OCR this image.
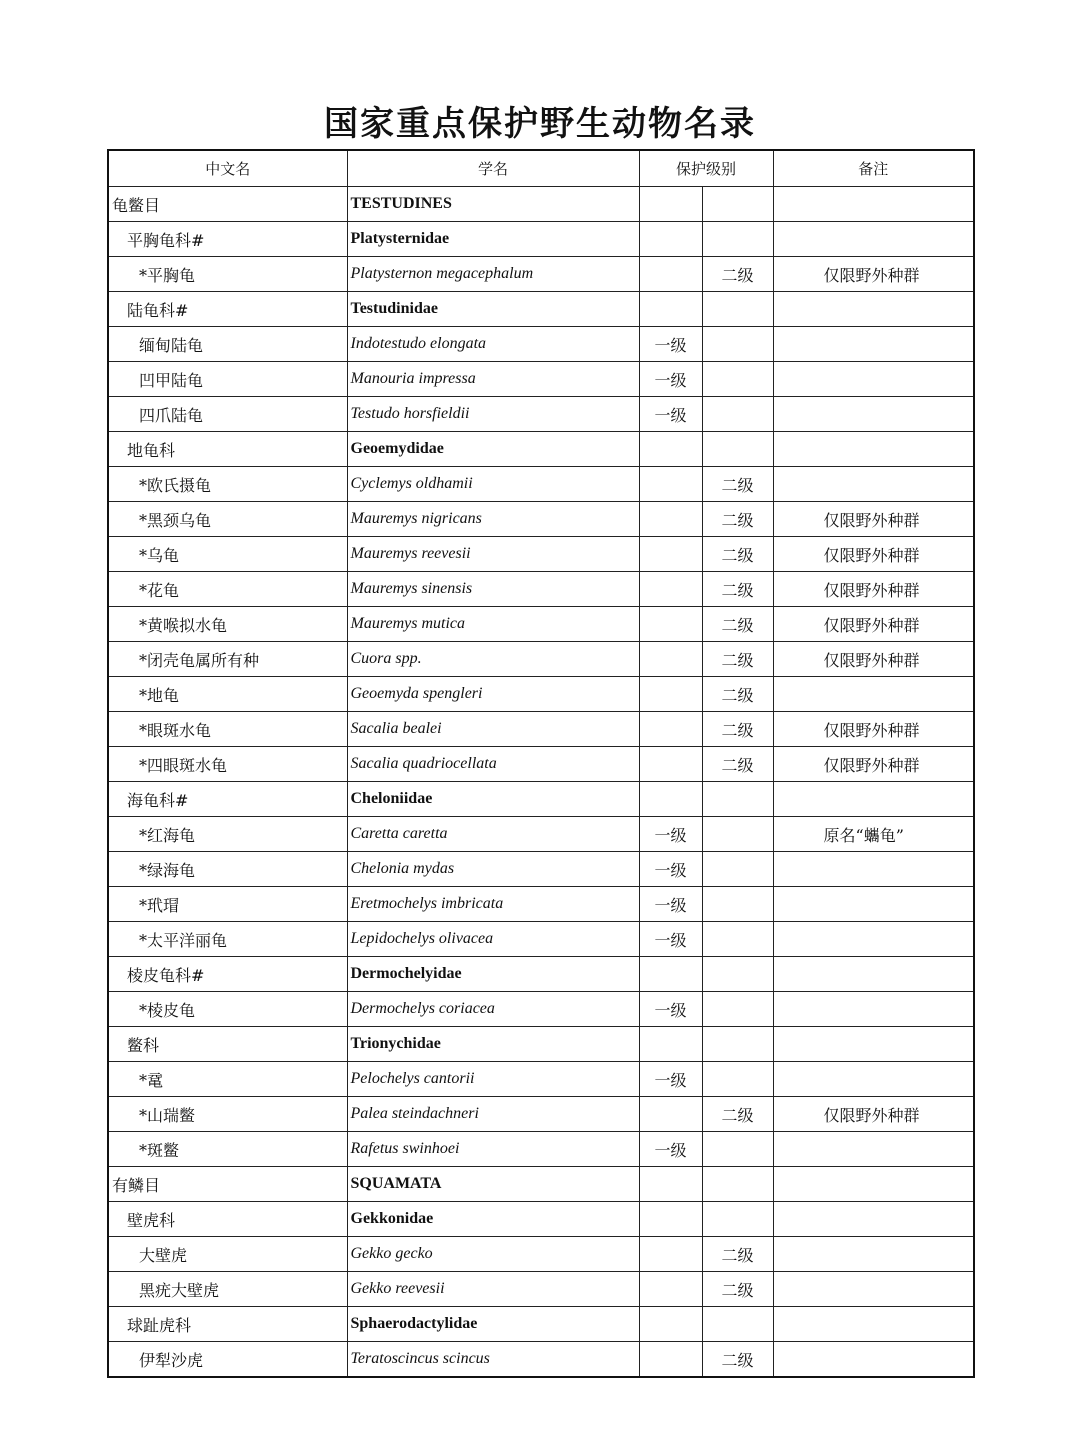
国家重点保护野生动物名录
中文名	学名	保护级别		备注
龟鳖目	TESTUDINES			
平胸龟科#	Platysternidae			
*平胸龟	Platysternon megacephalum		二级	仅限野外种群
陆龟科#	Testudinidae			
缅甸陆龟	Indotestudo elongata	一级		
凹甲陆龟	Manouria impressa	一级		
四爪陆龟	Testudo horsfieldii	一级		
地龟科	Geoemydidae			
*欧氏摄龟	Cyclemys oldhamii		二级	
*黑颈乌龟	Mauremys nigricans		二级	仅限野外种群
*乌龟	Mauremys reevesii		二级	仅限野外种群
*花龟	Mauremys sinensis		二级	仅限野外种群
*黄喉拟水龟	Mauremys mutica		二级	仅限野外种群
*闭壳龟属所有种	Cuora spp.		二级	仅限野外种群
*地龟	Geoemyda spengleri		二级	
*眼斑水龟	Sacalia bealei		二级	仅限野外种群
*四眼斑水龟	Sacalia quadriocellata		二级	仅限野外种群
海龟科#	Cheloniidae			
*红海龟	Caretta caretta	一级		原名“蠵龟”
*绿海龟	Chelonia mydas	一级		
*玳瑁	Eretmochelys imbricata	一级		
*太平洋丽龟	Lepidochelys olivacea	一级		
棱皮龟科#	Dermochelyidae			
*棱皮龟	Dermochelys coriacea	一级		
鳖科	Trionychidae			
*鼋	Pelochelys cantorii	一级		
*山瑞鳖	Palea steindachneri		二级	仅限野外种群
*斑鳖	Rafetus swinhoei	一级		
有鳞目	SQUAMATA			
壁虎科	Gekkonidae			
大壁虎	Gekko gecko		二级	
黑疣大壁虎	Gekko reevesii		二级	
球趾虎科	Sphaerodactylidae			
伊犁沙虎	Teratoscincus scincus		二级	
